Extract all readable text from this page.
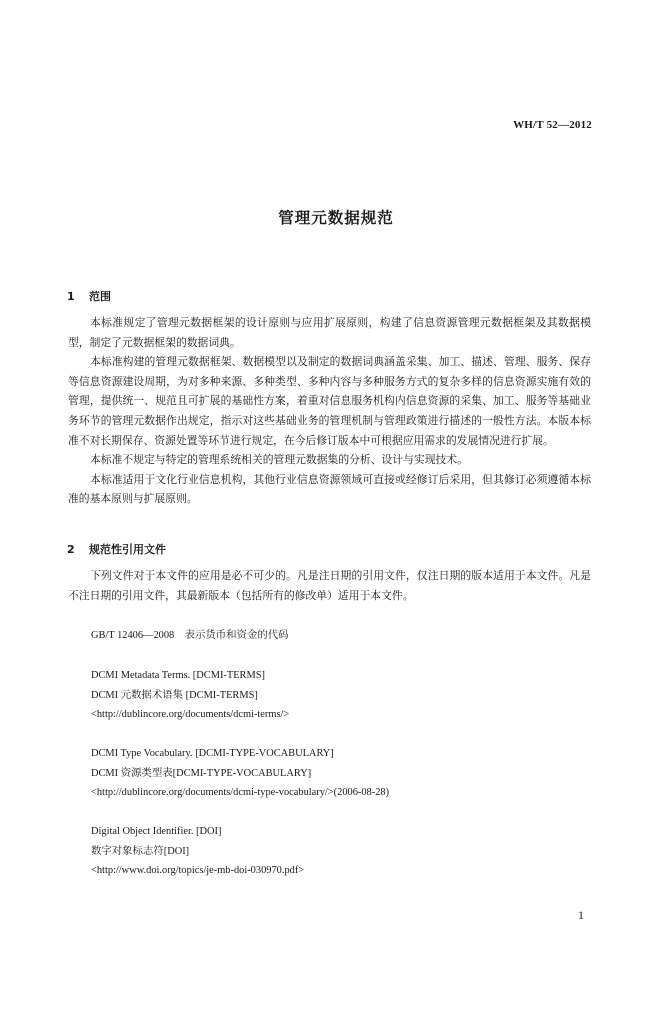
WH/T 52—2012
管理元数据规范
1 范围

本标准规定了管理元数据框架的设计原则与应用扩展原则，构建了信息资源管理元数据框架及其数据模型，制定了元数据框架的数据词典。

本标准构建的管理元数据框架、数据模型以及制定的数据词典涵盖采集、加工、描述、管理、服务、保存等信息资源建设周期，为对多种来源、多种类型、多种内容与多种服务方式的复杂多样的信息资源实施有效的管理，提供统一、规范且可扩展的基础性方案，着重对信息服务机构内信息资源的采集、加工、服务等基础业务环节的管理元数据作出规定，指示对这些基础业务的管理机制与管理政策进行描述的一般性方法。本版本标准不对长期保存、资源处置等环节进行规定，在今后修订版本中可根据应用需求的发展情况进行扩展。

本标准不规定与特定的管理系统相关的管理元数据集的分析、设计与实现技术。

本标准适用于文化行业信息机构，其他行业信息资源领域可直接或经修订后采用，但其修订必须遵循本标准的基本原则与扩展原则。

2 规范性引用文件

下列文件对于本文件的应用是必不可少的。凡是注日期的引用文件，仅注日期的版本适用于本文件。凡是不注日期的引用文件，其最新版本（包括所有的修改单）适用于本文件。

GB/T 12406—2008　表示货币和资金的代码
DCMI Metadata Terms. [DCMI-TERMS]
DCMI 元数据术语集 [DCMI-TERMS]
<http://dublincore.org/documents/dcmi-terms/>
DCMI Type Vocabulary. [DCMI-TYPE-VOCABULARY]
DCMI 资源类型表[DCMI-TYPE-VOCABULARY]
<http://dublincore.org/documents/dcmi-type-vocabulary/>(2006-08-28)
Digital Object Identifier. [DOI]
数字对象标志符[DOI]
<http://www.doi.org/topics/je-mb-doi-030970.pdf>
1
